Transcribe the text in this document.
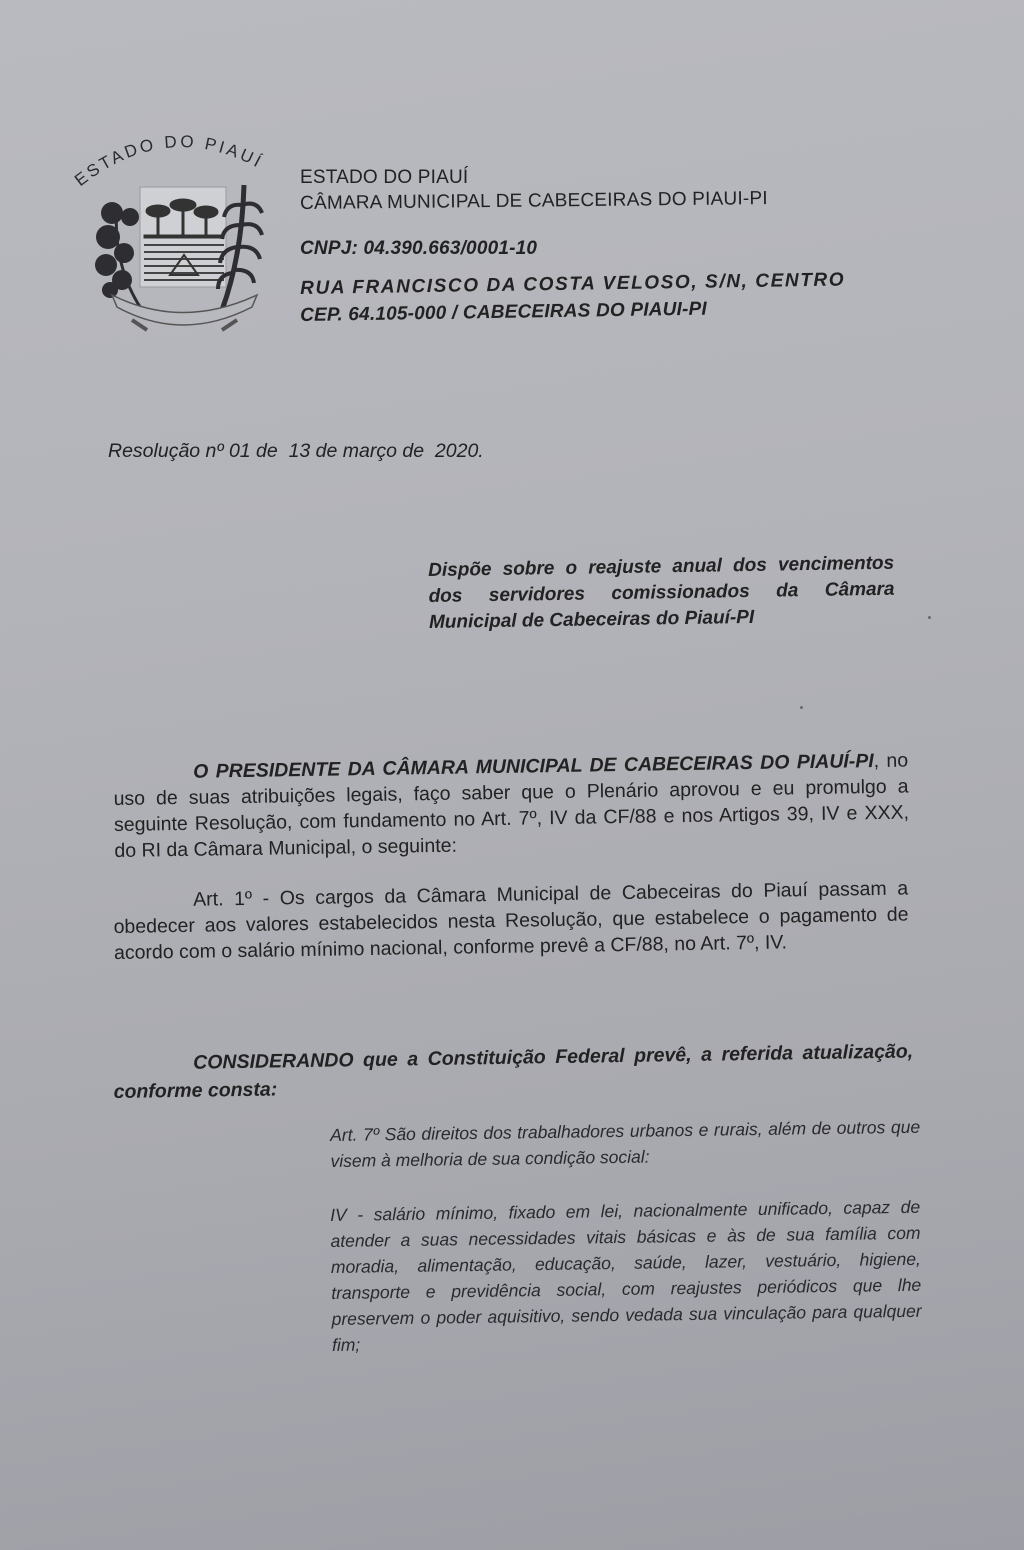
ESTADO DO PIAUÍ
ESTADO DO PIAUÍ
CÂMARA MUNICIPAL DE CABECEIRAS DO PIAUI-PI
CNPJ: 04.390.663/0001-10
RUA FRANCISCO DA COSTA VELOSO, S/N, CENTRO
CEP. 64.105-000 / CABECEIRAS DO PIAUI-PI
Resolução nº 01 de  13 de março de  2020.
Dispõe sobre o reajuste anual dos vencimentos dos servidores comissionados da Câmara Municipal de Cabeceiras do Piauí-PI
O PRESIDENTE DA CÂMARA MUNICIPAL DE CABECEIRAS DO PIAUÍ-PI, no uso de suas atribuições legais, faço saber que o Plenário aprovou e eu promulgo a seguinte Resolução, com fundamento no Art. 7º, IV da CF/88 e nos Artigos 39, IV e XXX, do RI da Câmara Municipal, o seguinte:
Art. 1º - Os cargos da Câmara Municipal de Cabeceiras do Piauí passam a obedecer aos valores estabelecidos nesta Resolução, que estabelece o pagamento de acordo com o salário mínimo nacional, conforme prevê a CF/88, no Art. 7º, IV.
CONSIDERANDO que a Constituição Federal prevê, a referida atualização, conforme consta:
Art. 7º São direitos dos trabalhadores urbanos e rurais, além de outros que visem à melhoria de sua condição social:
IV - salário mínimo, fixado em lei, nacionalmente unificado, capaz de atender a suas necessidades vitais básicas e às de sua família com moradia, alimentação, educação, saúde, lazer, vestuário, higiene, transporte e previdência social, com reajustes periódicos que lhe preservem o poder aquisitivo, sendo vedada sua vinculação para qualquer fim;
